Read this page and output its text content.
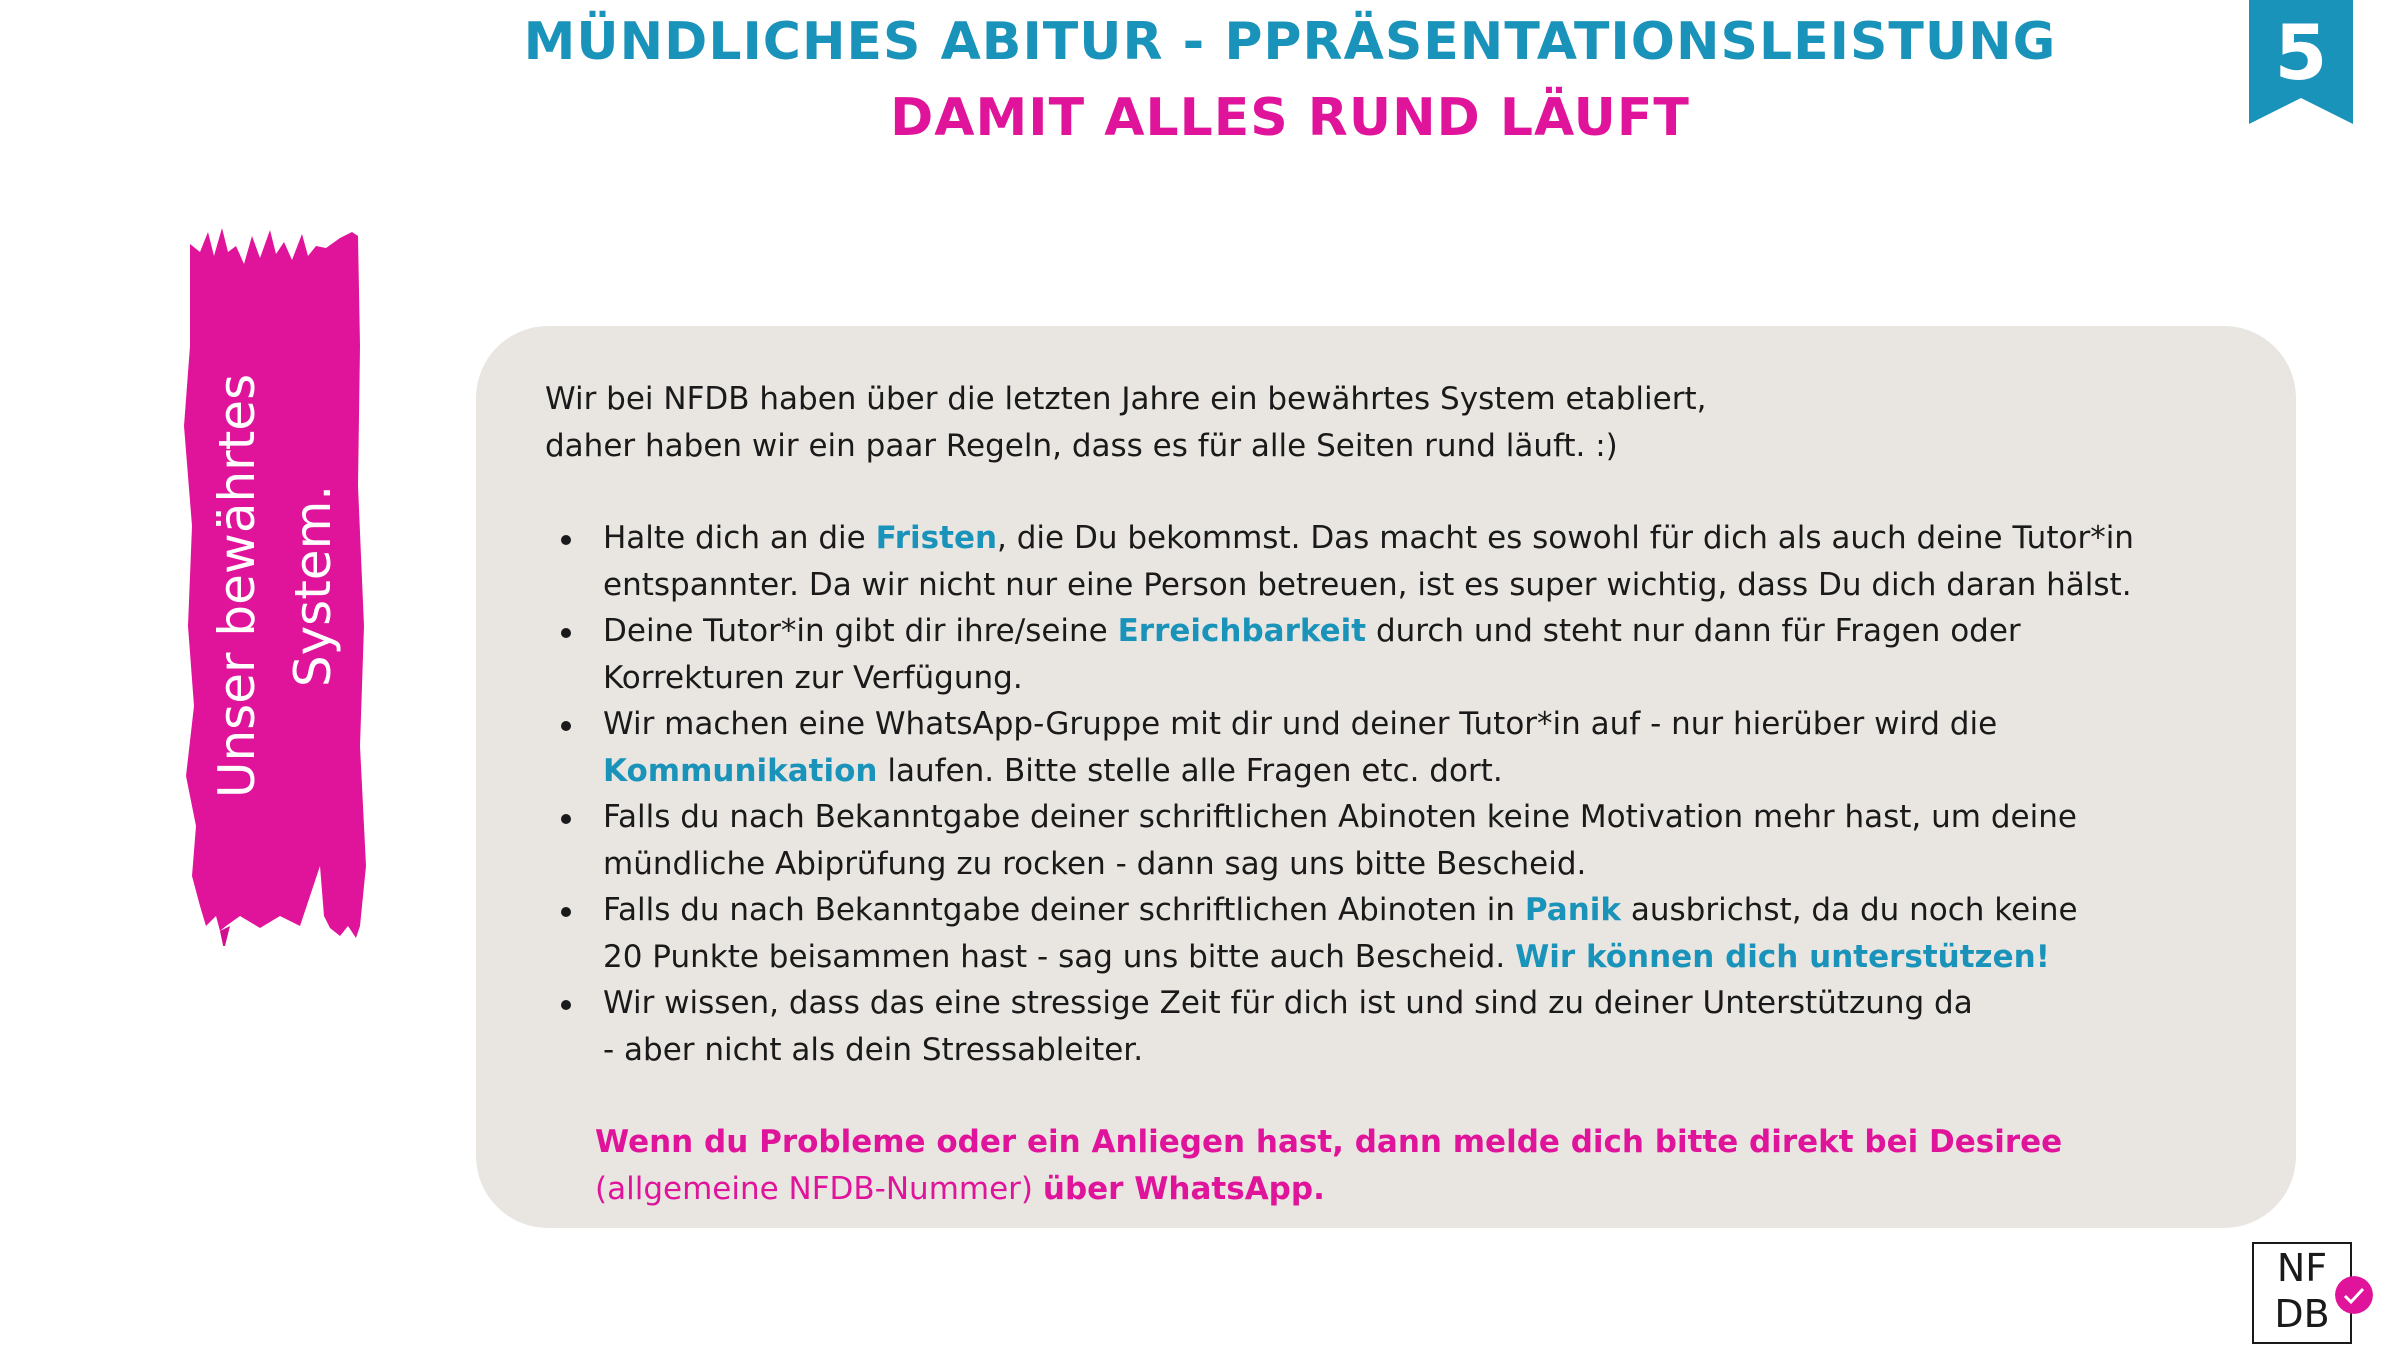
MÜNDLICHES ABITUR - PPRÄSENTATIONSLEISTUNG
DAMIT ALLES RUND LÄUFT
5
Unser bewährtes System.

Wir bei NFDB haben über die letzten Jahre ein bewährtes System etabliert,
daher haben wir ein paar Regeln, dass es für alle Seiten rund läuft. :)

Halte dich an die Fristen, die Du bekommst. Das macht es sowohl für dich als auch deine Tutor*in
entspannter. Da wir nicht nur eine Person betreuen, ist es super wichtig, dass Du dich daran hälst.
Deine Tutor*in gibt dir ihre/seine Erreichbarkeit durch und steht nur dann für Fragen oder
Korrekturen zur Verfügung.
Wir machen eine WhatsApp-Gruppe mit dir und deiner Tutor*in auf - nur hierüber wird die
Kommunikation laufen. Bitte stelle alle Fragen etc. dort.
Falls du nach Bekanntgabe deiner schriftlichen Abinoten keine Motivation mehr hast, um deine
mündliche Abiprüfung zu rocken - dann sag uns bitte Bescheid.
Falls du nach Bekanntgabe deiner schriftlichen Abinoten in Panik ausbrichst, da du noch keine
20 Punkte beisammen hast - sag uns bitte auch Bescheid. Wir können dich unterstützen!
Wir wissen, dass das eine stressige Zeit für dich ist und sind zu deiner Unterstützung da
- aber nicht als dein Stressableiter.

Wenn du Probleme oder ein Anliegen hast, dann melde dich bitte direkt bei Desiree
(allgemeine NFDB-Nummer) über WhatsApp.

NF
DB
